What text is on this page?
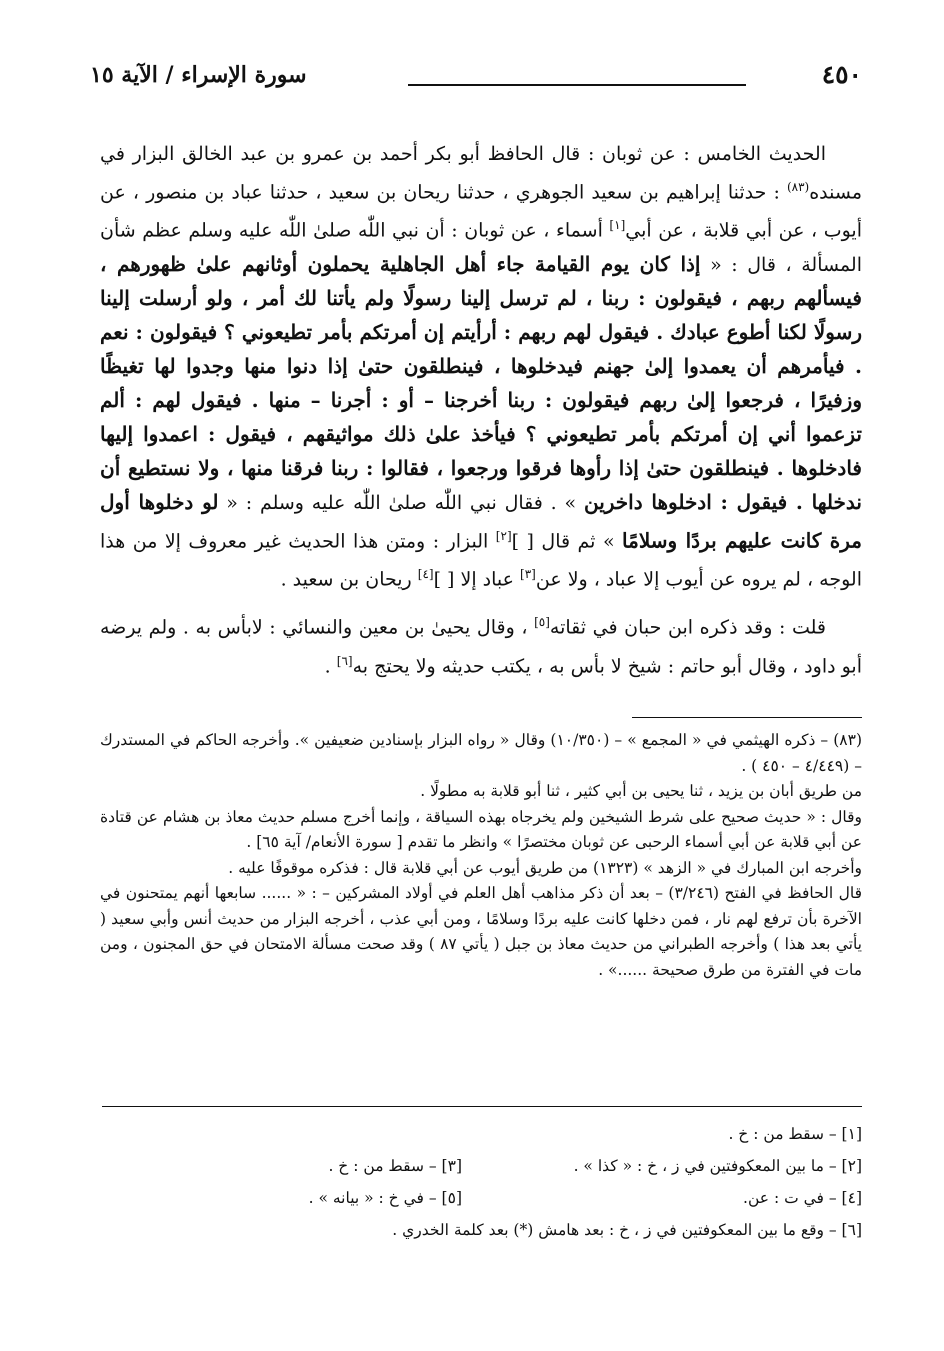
٤٥٠
سورة الإسراء / الآية ١٥

الحديث الخامس : عن ثوبان : قال الحافظ أبو بكر أحمد بن عمرو بن عبد الخالق البزار في مسنده$^{(٨٣)}$ : حدثنا إبراهيم بن سعيد الجوهري ، حدثنا ريحان بن سعيد ، حدثنا عباد بن منصور ، عن أيوب ، عن أبي قلابة ، عن أبي[١] أسماء ، عن ثوبان : أن نبي اللّٰه صلىٰ اللّٰه عليه وسلم عظم شأن المسألة ، قال : « إذا كان يوم القيامة جاء أهل الجاهلية يحملون أوثانهم علىٰ ظهورهم ، فيسألهم ربهم ، فيقولون : ربنا ، لم ترسل إلينا رسولًا ولم يأتنا لك أمر ، ولو أرسلت إلينا رسولًا لكنا أطوع عبادك . فيقول لهم ربهم : أرأيتم إن أمرتكم بأمر تطيعوني ؟ فيقولون : نعم . فيأمرهم أن يعمدوا إلىٰ جهنم فيدخلوها ، فينطلقون حتىٰ إذا دنوا منها وجدوا لها تغيظًا وزفيرًا ، فرجعوا إلىٰ ربهم فيقولون : ربنا أخرجنا – أو : أجرنا – منها . فيقول لهم : ألم تزعموا أني إن أمرتكم بأمر تطيعوني ؟ فيأخذ علىٰ ذلك مواثيقهم ، فيقول : اعمدوا إليها فادخلوها . فينطلقون حتىٰ إذا رأوها فرقوا ورجعوا ، فقالوا : ربنا فرقنا منها ، ولا نستطيع أن ندخلها . فيقول : ادخلوها داخرين » . فقال نبي اللّٰه صلىٰ اللّٰه عليه وسلم : « لو دخلوها أول مرة كانت عليهم بردًا وسلامًا » ثم قال [ ][٢] البزار : ومتن هذا الحديث غير معروف إلا من هذا الوجه ، لم يروه عن أيوب إلا عباد ، ولا عن[٣] عباد إلا [ ][٤] ريحان بن سعيد .

قلت : وقد ذكره ابن حبان في ثقاته[٥] ، وقال يحيىٰ بن معين والنسائي : لابأس به . ولم يرضه أبو داود ، وقال أبو حاتم : شيخ لا بأس به ، يكتب حديثه ولا يحتج به[٦] .

(٨٣) – ذكره الهيثمي في « المجمع » – (١٠/٣٥٠) وقال « رواه البزار بإسنادين ضعيفين ». وأخرجه الحاكم في المستدرك – (٤/٤٤٩ – ٤٥٠ ) .

من طريق أبان بن يزيد ، ثنا يحيى بن أبي كثير ، ثنا أبو قلابة به مطولًا .

وقال : « حديث صحيح على شرط الشيخين ولم يخرجاه بهذه السياقة ، وإنما أخرج مسلم حديث معاذ بن هشام عن قتادة عن أبي قلابة عن أبي أسماء الرحبى عن ثوبان مختصرًا » وانظر ما تقدم [ سورة الأنعام/ آية ٦٥] .

وأخرجه ابن المبارك في « الزهد » (١٣٢٣) من طريق أيوب عن أبي قلابة قال : فذكره موقوفًا عليه .

قال الحافظ في الفتح (٣/٢٤٦) – بعد أن ذكر مذاهب أهل العلم في أولاد المشركين – : « ...... سابعها أنهم يمتحنون في الآخرة بأن ترفع لهم نار ، فمن دخلها كانت عليه بردًا وسلامًا ، ومن أبي عذب ، أخرجه البزار من حديث أنس وأبي سعيد ( يأتي بعد هذا ) وأخرجه الطبراني من حديث معاذ بن جبل ( يأتي ٨٧ ) وقد صحت مسألة الامتحان في حق المجنون ، ومن مات في الفترة من طرق صحيحة ......» .

[١] – سقط من : خ .
[٢] – ما بين المعكوفتين في ز ، خ : « كذا » .
[٣] – سقط من : خ .
[٤] – في ت : عن.
[٥] – في خ : « بيانه » .
[٦] – وقع ما بين المعكوفتين في ز ، خ : بعد هامش (*) بعد كلمة الخدري .
